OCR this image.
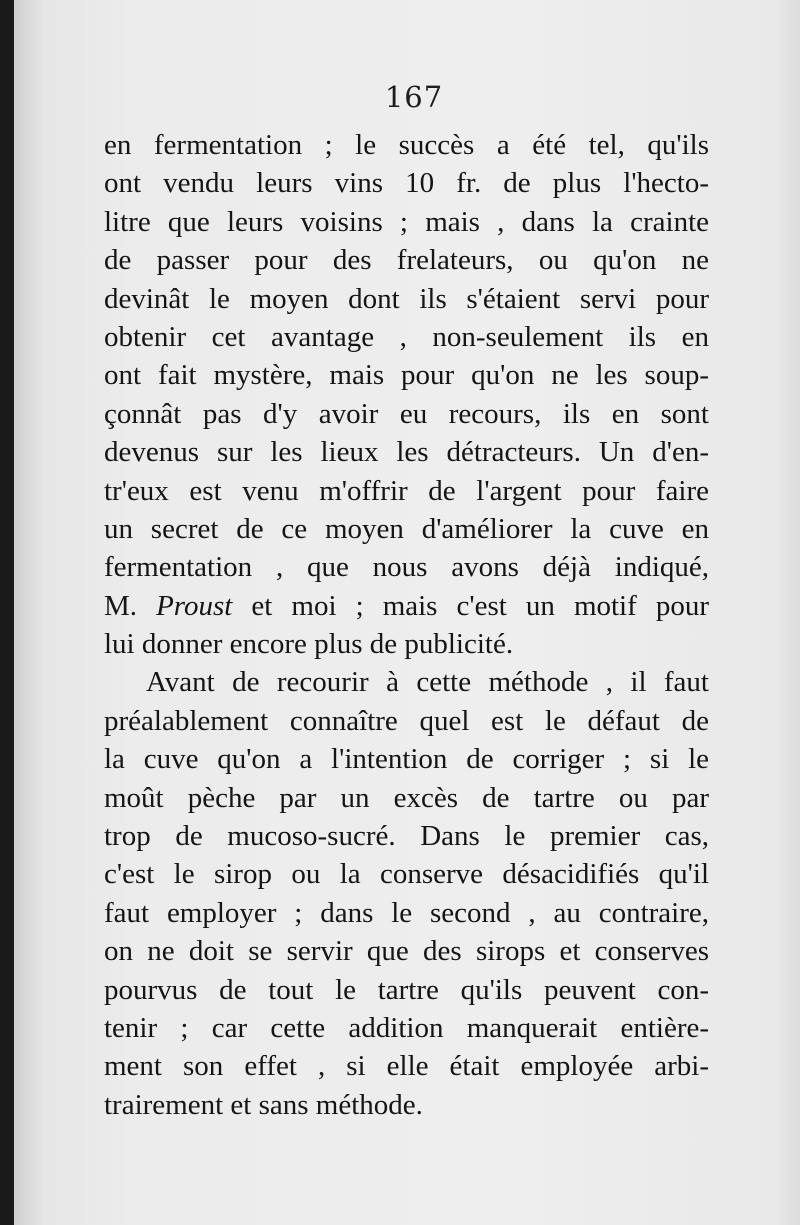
167
en fermentation ; le succès a été tel, qu'ils
ont vendu leurs vins 10 fr. de plus l'hecto-
litre que leurs voisins ; mais , dans la crainte
de passer pour des frelateurs, ou qu'on ne
devinât le moyen dont ils s'étaient servi pour
obtenir cet avantage , non-seulement ils en
ont fait mystère, mais pour qu'on ne les soup-
çonnât pas d'y avoir eu recours, ils en sont
devenus sur les lieux les détracteurs. Un d'en-
tr'eux est venu m'offrir de l'argent pour faire
un secret de ce moyen d'améliorer la cuve en
fermentation , que nous avons déjà indiqué,
M. Proust et moi ; mais c'est un motif pour
lui donner encore plus de publicité.
Avant de recourir à cette méthode , il faut
préalablement connaître quel est le défaut de
la cuve qu'on a l'intention de corriger ; si le
moût pèche par un excès de tartre ou par
trop de mucoso-sucré. Dans le premier cas,
c'est le sirop ou la conserve désacidifiés qu'il
faut employer ; dans le second , au contraire,
on ne doit se servir que des sirops et conserves
pourvus de tout le tartre qu'ils peuvent con-
tenir ; car cette addition manquerait entière-
ment son effet , si elle était employée arbi-
trairement et sans méthode.
